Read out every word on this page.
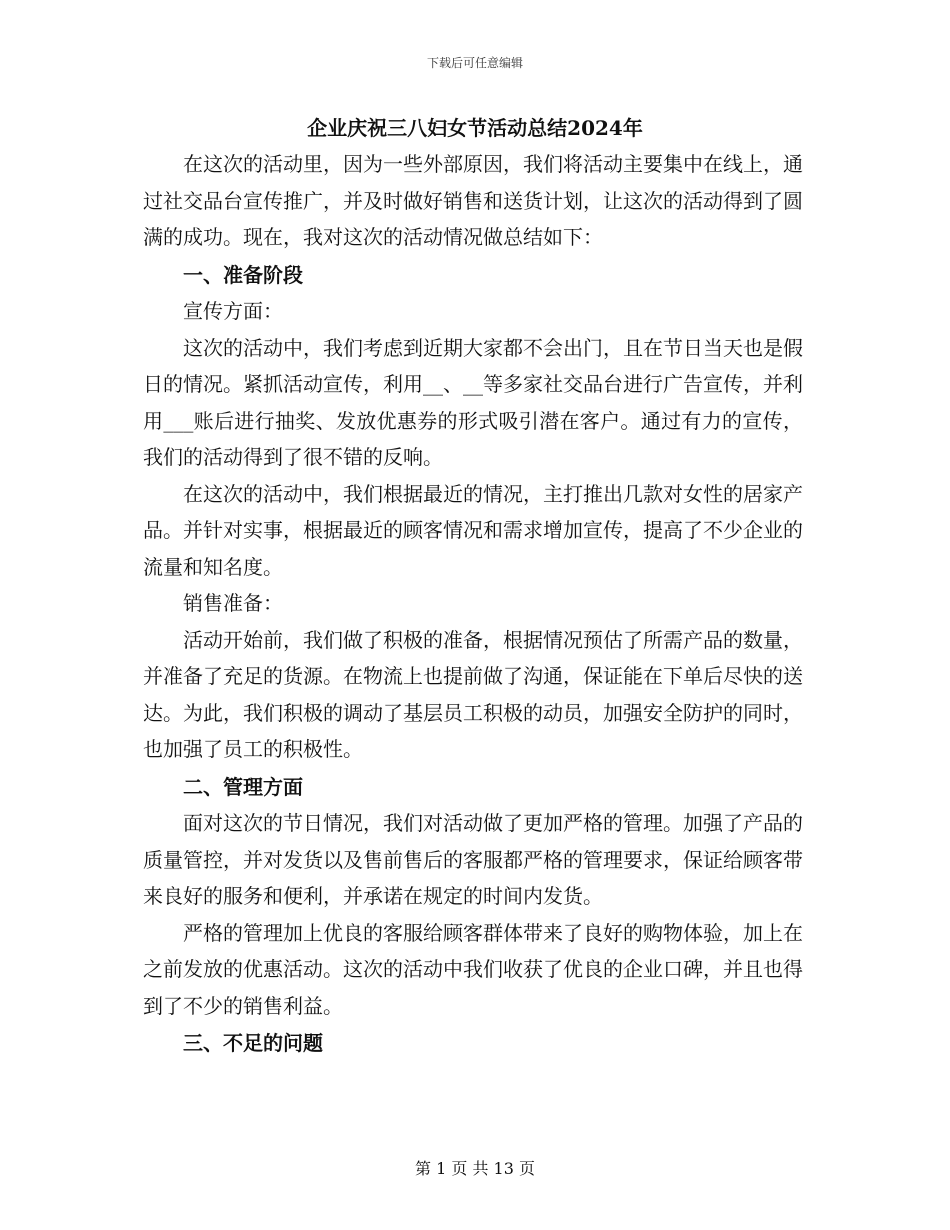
下载后可任意编辑
企业庆祝三八妇女节活动总结2024年

在这次的活动里，因为一些外部原因，我们将活动主要集中在线上，通过社交品台宣传推广，并及时做好销售和送货计划，让这次的活动得到了圆满的成功。现在，我对这次的活动情况做总结如下：

一、准备阶段

宣传方面：

这次的活动中，我们考虑到近期大家都不会出门，且在节日当天也是假日的情况。紧抓活动宣传，利用__、__等多家社交品台进行广告宣传，并利用___账后进行抽奖、发放优惠券的形式吸引潜在客户。通过有力的宣传，我们的活动得到了很不错的反响。

在这次的活动中，我们根据最近的情况，主打推出几款对女性的居家产品。并针对实事，根据最近的顾客情况和需求增加宣传，提高了不少企业的流量和知名度。

销售准备：

活动开始前，我们做了积极的准备，根据情况预估了所需产品的数量，并准备了充足的货源。在物流上也提前做了沟通，保证能在下单后尽快的送达。为此，我们积极的调动了基层员工积极的动员，加强安全防护的同时，也加强了员工的积极性。

二、管理方面

面对这次的节日情况，我们对活动做了更加严格的管理。加强了产品的质量管控，并对发货以及售前售后的客服都严格的管理要求，保证给顾客带来良好的服务和便利，并承诺在规定的时间内发货。

严格的管理加上优良的客服给顾客群体带来了良好的购物体验，加上在之前发放的优惠活动。这次的活动中我们收获了优良的企业口碑，并且也得到了不少的销售利益。

三、不足的问题

第 1 页 共 13 页
